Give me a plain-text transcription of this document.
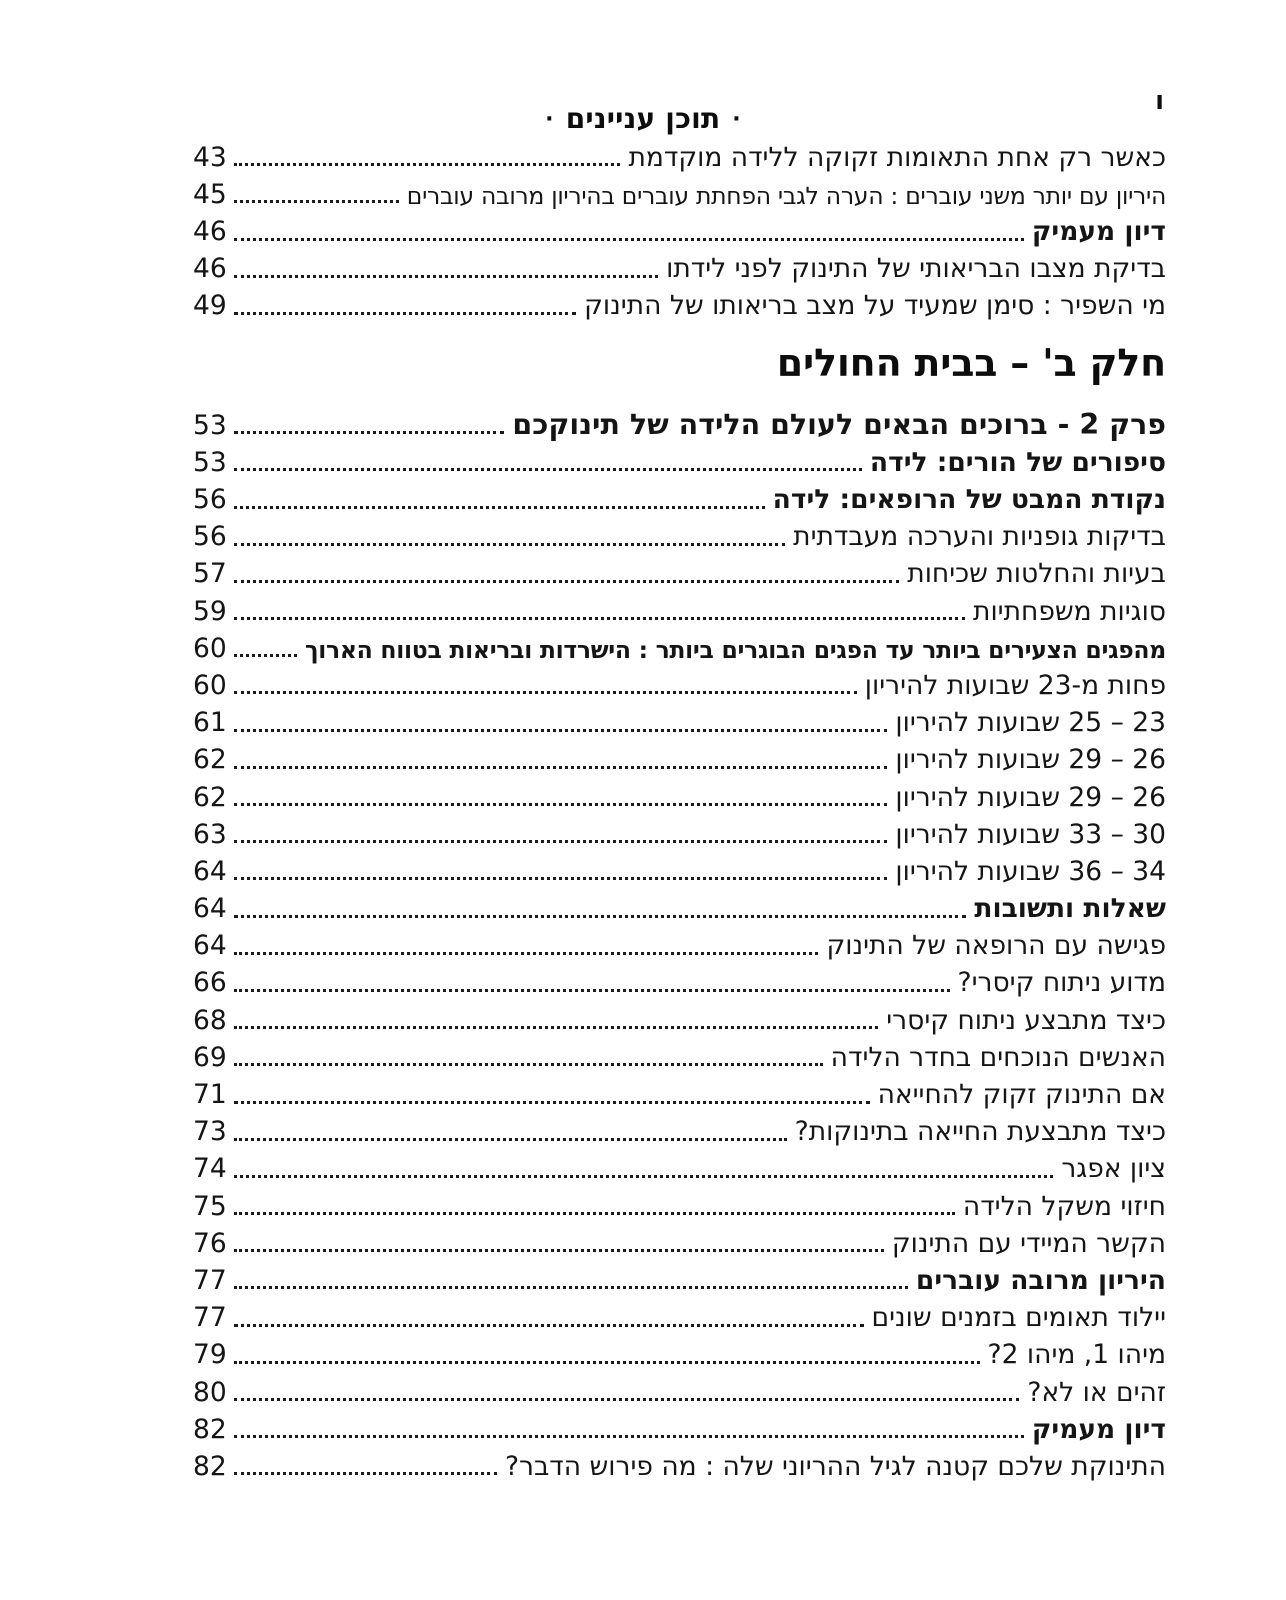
ו
·תוכן עניינים·
כאשר רק אחת התאומות זקוקה ללידה מוקדמת
43
היריון עם יותר משני עוברים : הערה לגבי הפחתת עוברים בהיריון מרובה עוברים
45
דיון מעמיק
46
בדיקת מצבו הבריאותי של התינוק לפני לידתו
46
מי השפיר : סימן שמעיד על מצב בריאותו של התינוק
49
חלק ב' – בבית החולים
פרק 2 - ברוכים הבאים לעולם הלידה של תינוקכם
53
סיפורים של הורים: לידה
53
נקודת המבט של הרופאים: לידה
56
בדיקות גופניות והערכה מעבדתית
56
בעיות והחלטות שכיחות
57
סוגיות משפחתיות
59
מהפגים הצעירים ביותר עד הפגים הבוגרים ביותר : הישרדות ובריאות בטווח הארוך
60
פחות מ-23 שבועות להיריון
60
23 – 25 שבועות להיריון
61
26 – 29 שבועות להיריון
62
26 – 29 שבועות להיריון
62
30 – 33 שבועות להיריון
63
34 – 36 שבועות להיריון
64
שאלות ותשובות
64
פגישה עם הרופאה של התינוק
64
מדוע ניתוח קיסרי?
66
כיצד מתבצע ניתוח קיסרי
68
האנשים הנוכחים בחדר הלידה
69
אם התינוק זקוק להחייאה
71
כיצד מתבצעת החייאה בתינוקות?
73
ציון אפגר
74
חיזוי משקל הלידה
75
הקשר המיידי עם התינוק
76
היריון מרובה עוברים
77
יילוד תאומים בזמנים שונים
77
מיהו 1, מיהו 2?
79
זהים או לא?
80
דיון מעמיק
82
התינוקת שלכם קטנה לגיל ההריוני שלה : מה פירוש הדבר?
82
